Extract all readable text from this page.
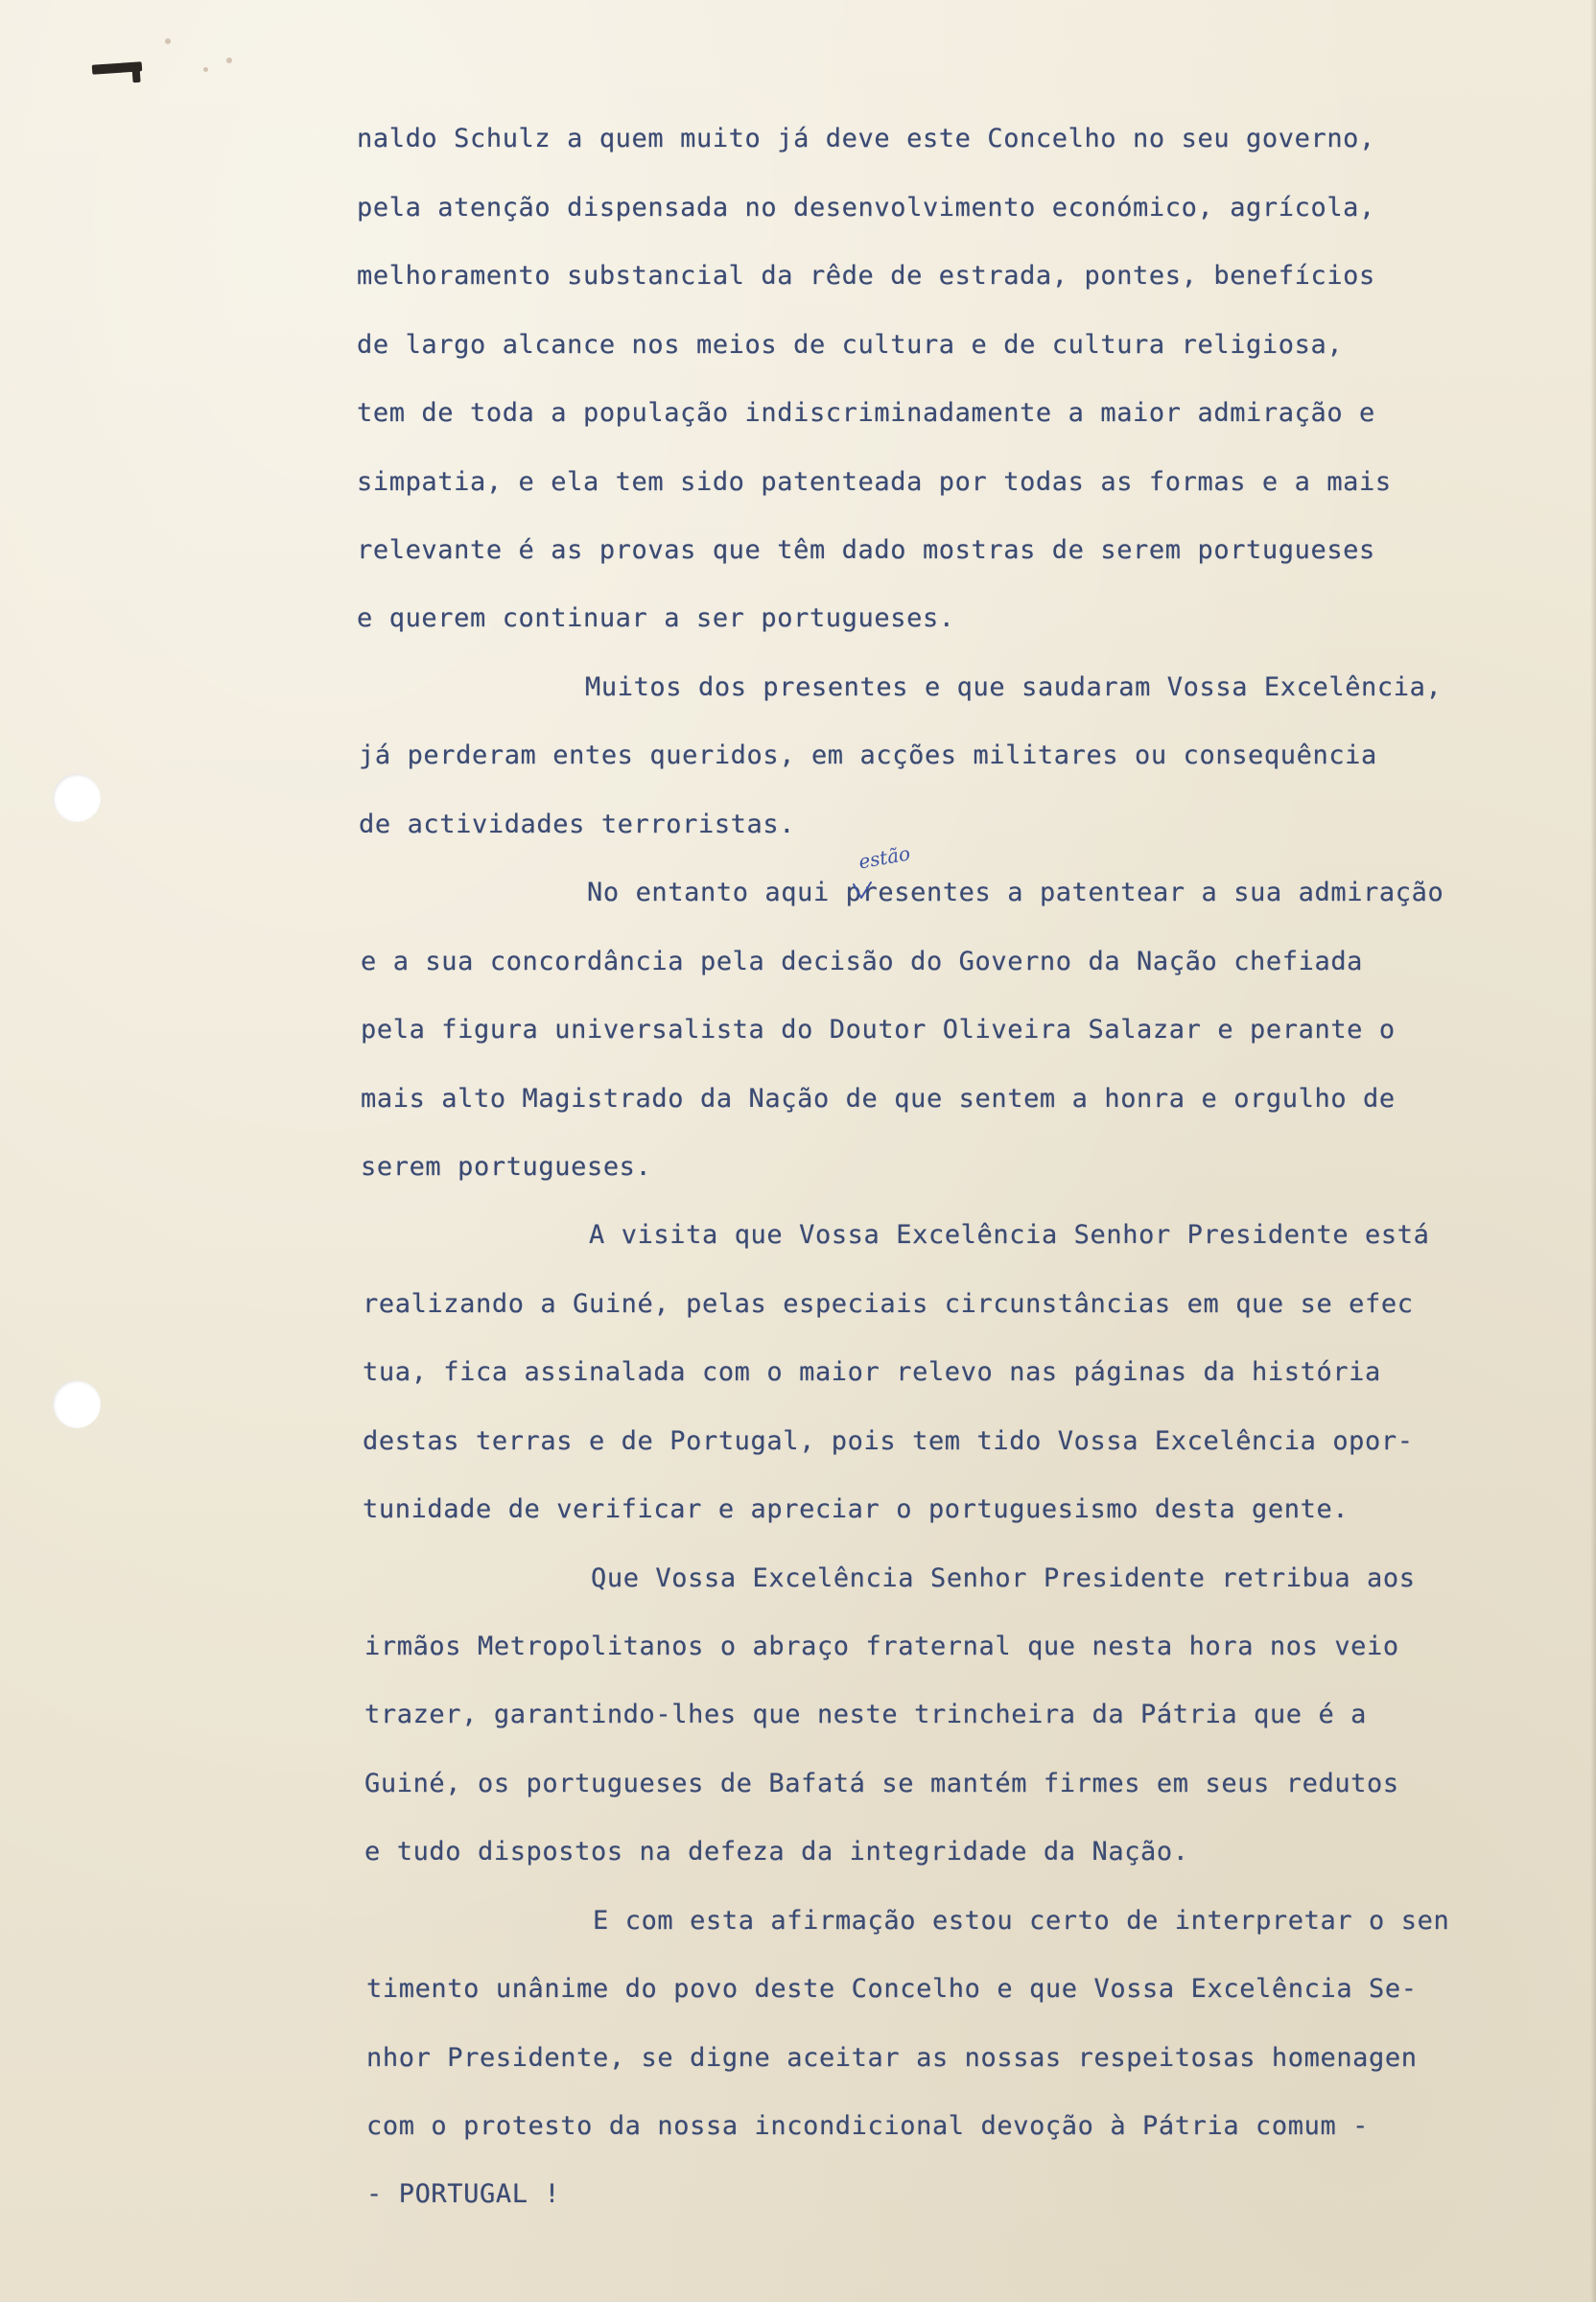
naldo Schulz a quem muito já deve este Concelho no seu governo,
pela atenção dispensada no desenvolvimento económico, agrícola,
melhoramento substancial da rêde de estrada, pontes, benefícios
de largo alcance nos meios de cultura e de cultura religiosa,
tem de toda a população indiscriminadamente a maior admiração e
simpatia, e ela tem sido patenteada por todas as formas e a mais
relevante é as provas que têm dado mostras de serem portugueses
e querem continuar a ser portugueses.
Muitos dos presentes e que saudaram Vossa Excelência,
já perderam entes queridos, em acções militares ou consequência
de actividades terroristas.
No entanto aqui presentes a patentear a sua admiração
e a sua concordância pela decisão do Governo da Nação chefiada
pela figura universalista do Doutor Oliveira Salazar e perante o
mais alto Magistrado da Nação de que sentem a honra e orgulho de
serem portugueses.
A visita que Vossa Excelência Senhor Presidente está
realizando a Guiné, pelas especiais circunstâncias em que se efec
tua, fica assinalada com o maior relevo nas páginas da história
destas terras e de Portugal, pois tem tido Vossa Excelência opor-
tunidade de verificar e apreciar o portuguesismo desta gente.
Que Vossa Excelência Senhor Presidente retribua aos
irmãos Metropolitanos o abraço fraternal que nesta hora nos veio
trazer, garantindo-lhes que neste trincheira da Pátria que é a
Guiné, os portugueses de Bafatá se mantém firmes em seus redutos
e tudo dispostos na defeza da integridade da Nação.
E com esta afirmação estou certo de interpretar o sen
timento unânime do povo deste Concelho e que Vossa Excelência Se-
nhor Presidente, se digne aceitar as nossas respeitosas homenagen
com o protesto da nossa incondicional devoção à Pátria comum -
- PORTUGAL !
estão
